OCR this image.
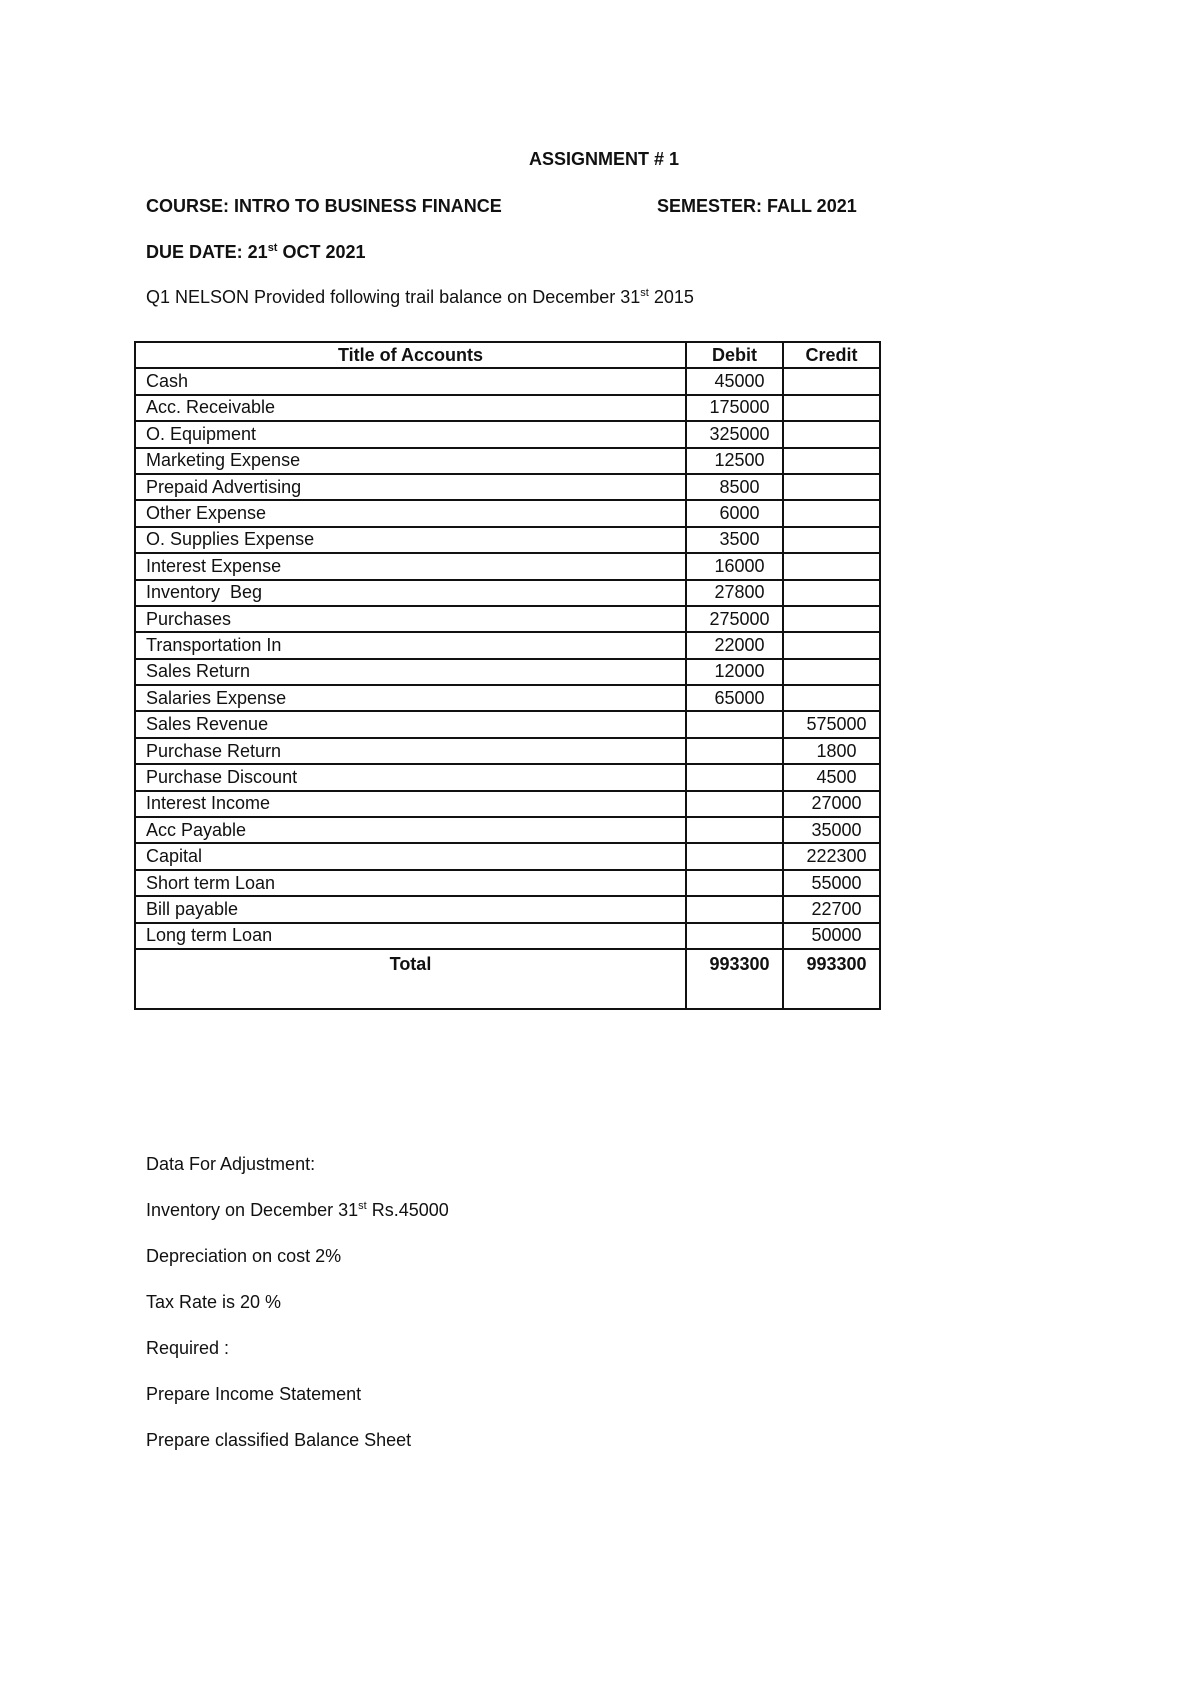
ASSIGNMENT # 1
COURSE: INTRO TO BUSINESS FINANCE	SEMESTER: FALL 2021
DUE DATE: 21st OCT 2021
Q1 NELSON Provided following trail balance on December 31st 2015
Title of Accounts	Debit	Credit
Cash	45000	
Acc. Receivable	175000	
O. Equipment	325000	
Marketing Expense	12500	
Prepaid Advertising	8500	
Other Expense	6000	
O. Supplies Expense	3500	
Interest Expense	16000	
Inventory  Beg	27800	
Purchases	275000	
Transportation In	22000	
Sales Return	12000	
Salaries Expense	65000	
Sales Revenue		575000
Purchase Return		1800
Purchase Discount		4500
Interest Income		27000
Acc Payable		35000
Capital		222300
Short term Loan		55000
Bill payable		22700
Long term Loan		50000
Total	993300	993300
Data For Adjustment:
Inventory on December 31st Rs.45000
Depreciation on cost 2%
Tax Rate is 20 %
Required :
Prepare Income Statement
Prepare classified Balance Sheet
